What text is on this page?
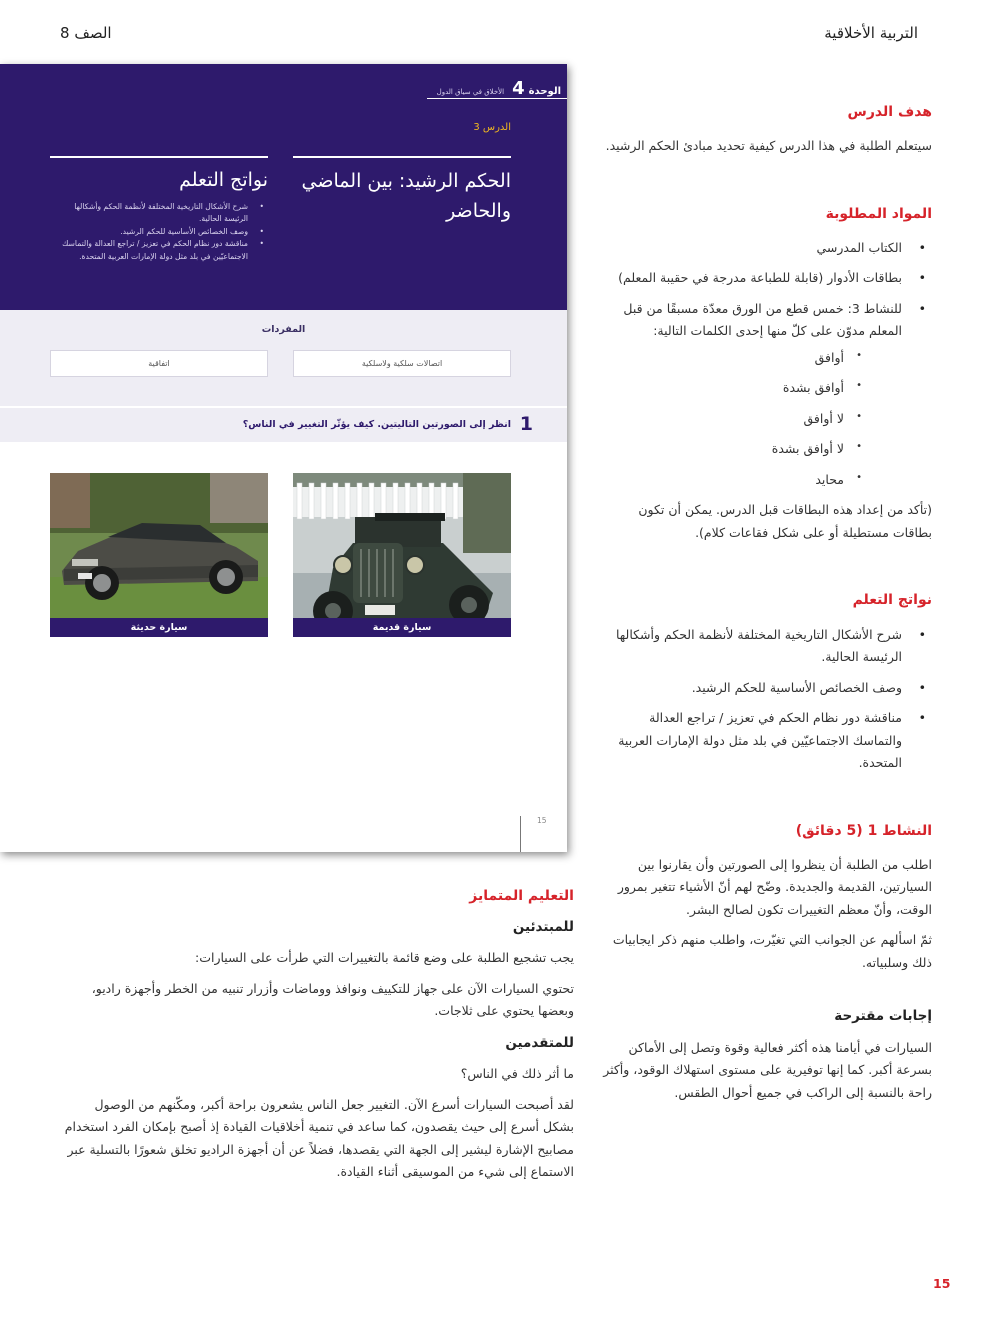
التربية الأخلاقية
الصف 8
هدف الدرس
سيتعلم الطلبة في هذا الدرس كيفية تحديد مبادئ الحكم الرشيد.
المواد المطلوبة
• الكتاب المدرسي
• بطاقات الأدوار (قابلة للطباعة مدرجة في حقيبة المعلم)
• للنشاط 3: خمس قطع من الورق معدّة مسبقًا من قبل المعلم مدوّن على كلّ منها إحدى الكلمات التالية:
• أوافق
• أوافق بشدة
• لا أوافق
• لا أوافق بشدة
• محايد
(تأكد من إعداد هذه البطاقات قبل الدرس. يمكن أن تكون بطاقات مستطيلة أو على شكل فقاعات كلام).
نواتج التعلم
• شرح الأشكال التاريخية المختلفة لأنظمة الحكم وأشكالها الرئيسة الحالية.
• وصف الخصائص الأساسية للحكم الرشيد.
• مناقشة دور نظام الحكم في تعزيز / تراجع العدالة والتماسك الاجتماعيّين في بلد مثل دولة الإمارات العربية المتحدة.
النشاط 1 (5 دقائق)
اطلب من الطلبة أن ينظروا إلى الصورتين وأن يقارنوا بين السيارتين، القديمة والجديدة. وضّح لهم أنّ الأشياء تتغير بمرور الوقت، وأنّ معظم التغييرات تكون لصالح البشر.
ثمّ اسألهم عن الجوانب التي تغيّرت، واطلب منهم ذكر ايجابيات ذلك وسلبياته.
إجابات مقترحة
السيارات في أيامنا هذه أكثر فعالية وقوة وتصل إلى الأماكن بسرعة أكبر. كما إنها توفيرية على مستوى استهلاك الوقود، وأكثر راحة بالنسبة إلى الراكب في جميع أحوال الطقس.
الوحدة
4
الأخلاق في سياق الدول
الدرس 3
الحكم الرشيد: بين الماضي والحاضر
نواتج التعلم
• شرح الأشكال التاريخية المختلفة لأنظمة الحكم وأشكالها الرئيسة الحالية.
• وصف الخصائص الأساسية للحكم الرشيد.
• مناقشة دور نظام الحكم في تعزيز / تراجع العدالة والتماسك الاجتماعيّين في بلد مثل دولة الإمارات العربية المتحدة.
المفردات
اتصالات سلكية ولاسلكية
اتفاقية
1
انظر إلى الصورتين التاليتين. كيف يؤثّر التغيير في الناس؟
سيارة قديمة
سيارة حديثة
15
التعليم المتمايز
للمبتدئين
يجب تشجيع الطلبة على وضع قائمة بالتغييرات التي طرأت على السيارات:
تحتوي السيارات الآن على جهاز للتكييف ونوافذ ووماضات وأزرار تنبيه من الخطر وأجهزة راديو، وبعضها يحتوي على ثلاجات.
للمتقدمين
ما أثر ذلك في الناس؟
لقد أصبحت السيارات أسرع الآن. التغيير جعل الناس يشعرون براحة أكبر، ومكّنهم من الوصول بشكل أسرع إلى حيث يقصدون، كما ساعد في تنمية أخلاقيات القيادة إذ أصبح بإمكان الفرد استخدام مصابيح الإشارة ليشير إلى الجهة التي يقصدها، فضلاً عن أن أجهزة الراديو تخلق شعورًا بالتسلية عبر الاستماع إلى شيء من الموسيقى أثناء القيادة.
15
